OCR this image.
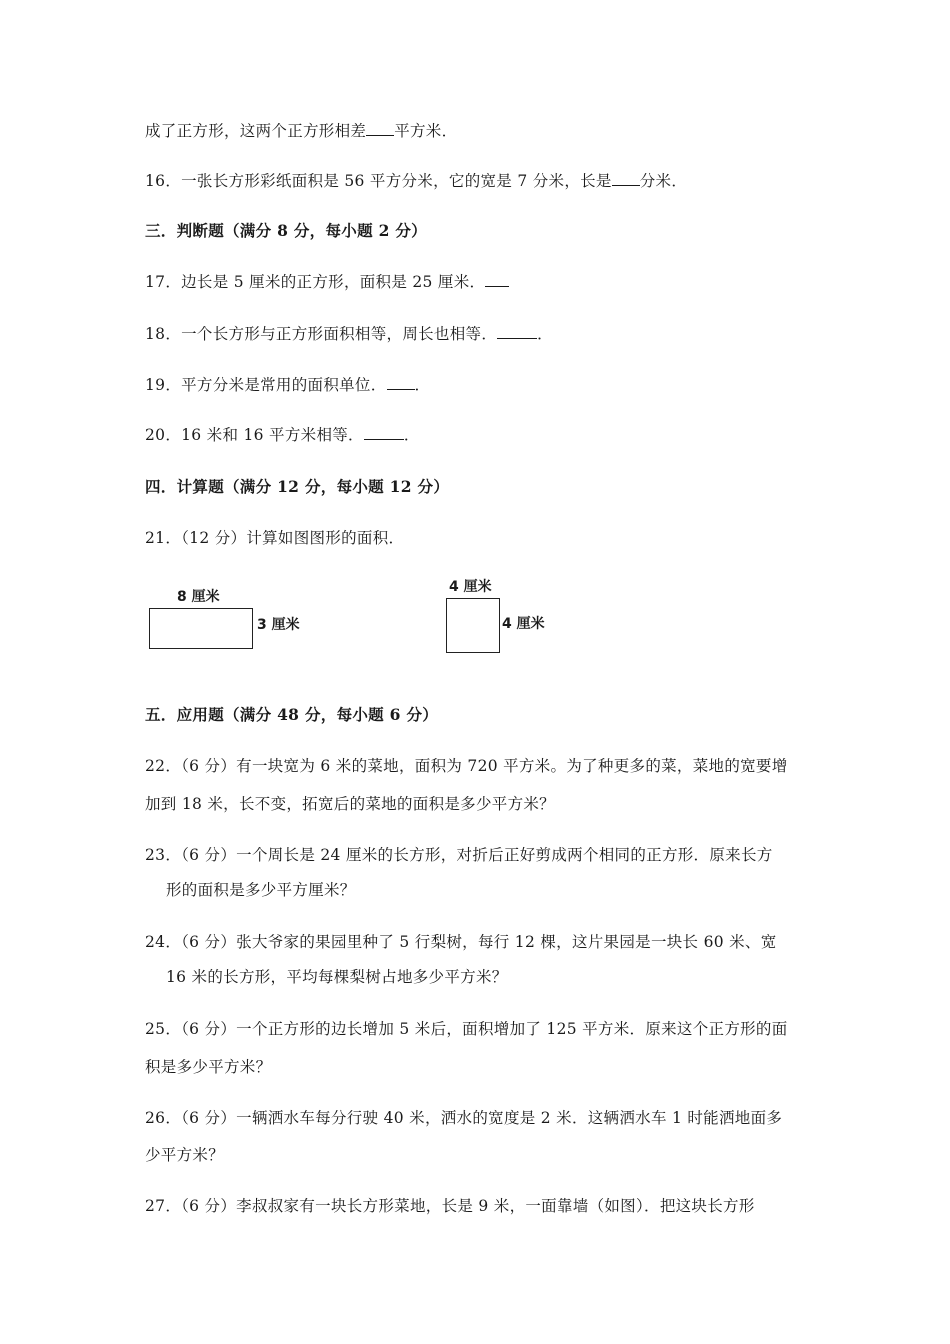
成了正方形，这两个正方形相差 平方米．
16．一张长方形彩纸面积是 56 平方分米，它的宽是 7 分米，长是 分米．
三．判断题（满分 8 分，每小题 2 分）
17．边长是 5 厘米的正方形，面积是 25 厘米．
18．一个长方形与正方形面积相等，周长也相等．	．
19．平方分米是常用的面积单位． ．
20．16 米和 16 平方米相等．	．
四．计算题（满分 12 分，每小题 12 分）
21．（12 分）计算如图图形的面积．
8 厘米
3 厘米
4 厘米
4 厘米
五．应用题（满分 48 分，每小题 6 分）
22．（6 分）有一块宽为 6 米的菜地，面积为 720 平方米。为了种更多的菜，菜地的宽要增
加到 18 米，长不变，拓宽后的菜地的面积是多少平方米？
23．（6 分）一个周长是 24 厘米的长方形，对折后正好剪成两个相同的正方形．原来长方
形的面积是多少平方厘米？
24．（6 分）张大爷家的果园里种了 5 行梨树，每行 12 棵，这片果园是一块长 60 米、宽
16 米的长方形，平均每棵梨树占地多少平方米？
25．（6 分）一个正方形的边长增加 5 米后，面积增加了 125 平方米．原来这个正方形的面
积是多少平方米？
26．（6 分）一辆洒水车每分行驶 40 米，洒水的宽度是 2 米．这辆洒水车 1 时能洒地面多
少平方米？
27．（6 分）李叔叔家有一块长方形菜地，长是 9 米，一面靠墙（如图）．把这块长方形
